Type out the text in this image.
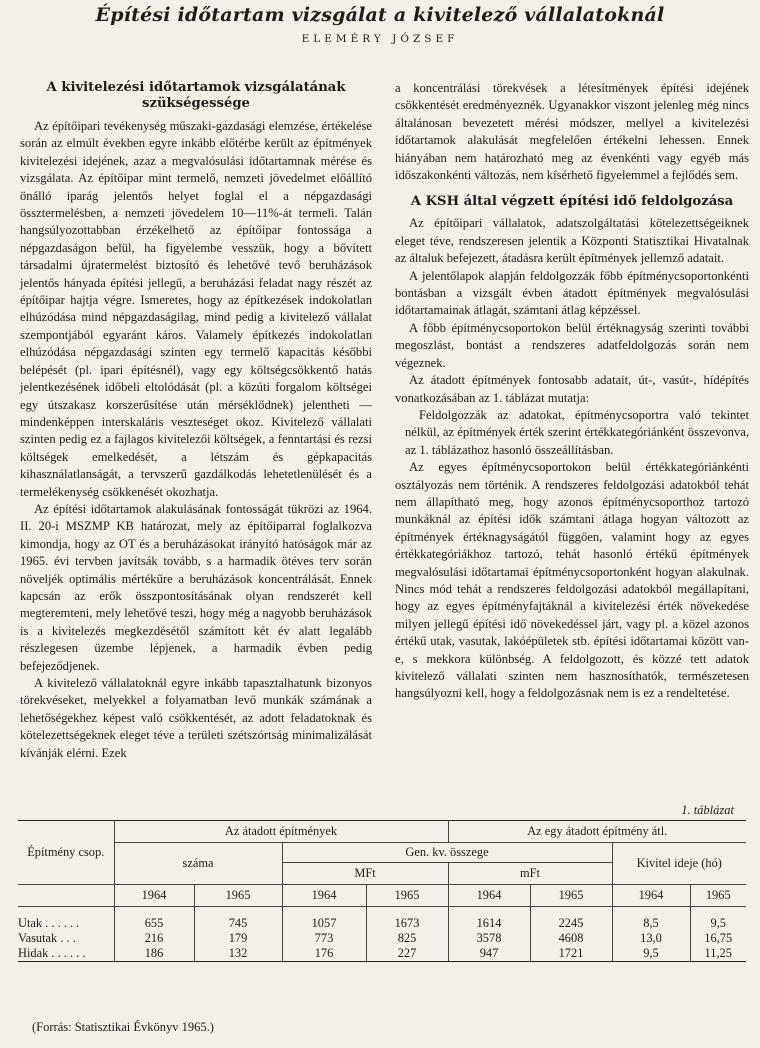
Építési időtartam vizsgálat a kivitelező vállalatoknál
ELEMÉRY JÓZSEF
A kivitelezési időtartamok vizsgálatának szükségessége

Az építőipari tevékenység műszaki-gazdasági elemzése, értékelése során az elmúlt években egyre inkább előtérbe került az építmények kivitelezési idejének, azaz a megvalósulási időtartamnak mérése és vizsgálata. Az építőipar mint termelő, nemzeti jövedelmet előállító önálló iparág jelentős helyet foglal el a népgazdasági össztermelésben, a nemzeti jövedelem 10—11%-át termeli. Talán hangsúlyozottabban érzékelhető az építőipar fontossága a népgazdaságon belül, ha figyelembe vesszük, hogy a bővített társadalmi újratermelést biztosító és lehetővé tevő beruházások jelentős hányada építési jellegű, a beruházási feladat nagy részét az építőipar hajtja végre. Ismeretes, hogy az építkezések indokolatlan elhúzódása mind népgazdaságilag, mind pedig a kivitelező vállalat szempontjából egyaránt káros. Valamely építkezés indokolatlan elhúzódása népgazdasági szinten egy termelő kapacitás későbbi belépését (pl. ipari építésnél), vagy egy költségcsökkentő hatás jelentkezésének időbeli eltolódását (pl. a közúti forgalom költségei egy útszakasz korszerűsítése után mérséklődnek) jelentheti — mindenképpen interskaláris veszteséget okoz. Kivitelező vállalati szinten pedig ez a fajlagos kivitelezői költségek, a fenntartási és rezsi költségek emelkedését, a létszám és gépkapacitás kihasználatlanságát, a tervszerű gazdálkodás lehetetlenülését és a termelékenység csökkenését okozhatja.

Az építési időtartamok alakulásának fontosságát tükrözi az 1964. II. 20-i MSZMP KB határozat, mely az építőiparral foglalkozva kimondja, hogy az OT és a beruházásokat irányító hatóságok már az 1965. évi tervben javítsák tovább, s a harmadik ötéves terv során növeljék optimális mértékűre a beruházások koncentrálását. Ennek kapcsán az erők összpontosításának olyan rendszerét kell megteremteni, mely lehetővé teszi, hogy még a nagyobb beruházások is a kivitelezés megkezdésétől számított két év alatt legalább részlegesen üzembe lépjenek, a harmadik évben pedig befejeződjenek.

A kivitelező vállalatoknál egyre inkább tapasztalhatunk bizonyos törekvéseket, melyekkel a folyamatban levő munkák számának a lehetőségekhez képest való csökkentését, az adott feladatoknak és kötelezettségeknek eleget téve a területi szétszórtság minimalizálását kívánják elérni. Ezek

a koncentrálási törekvések a létesítmények építési idejének csökkentését eredményeznék. Ugyanakkor viszont jelenleg még nincs általánosan bevezetett mérési módszer, mellyel a kivitelezési időtartamok alakulását megfelelően értékelni lehessen. Ennek hiányában nem határozható meg az évenkénti vagy egyéb más időszakonkénti változás, nem kísérhető figyelemmel a fejlődés sem.

A KSH által végzett építési idő feldolgozása

Az építőipari vállalatok, adatszolgáltatási kötelezettségeiknek eleget téve, rendszeresen jelentik a Központi Statisztikai Hivatalnak az általuk befejezett, átadásra került építmények jellemző adatait.

A jelentőlapok alapján feldolgozzák főbb építménycsoportonkénti bontásban a vizsgált évben átadott építmények megvalósulási időtartamainak átlagát, számtani átlag képzéssel.

A főbb építménycsoportokon belül értéknagyság szerinti további megoszlást, bontást a rendszeres adatfeldolgozás során nem végeznek.

Az átadott építmények fontosabb adatait, út-, vasút-, hídépítés vonatkozásában az 1. táblázat mutatja:

Feldolgozzák az adatokat, építménycsoportra való tekintet nélkül, az építmények érték szerint értékkategóriánként összevonva, az 1. táblázathoz hasonló összeállításban.

Az egyes építménycsoportokon belül értékkategóriánkénti osztályozás nem történik. A rendszeres feldolgozási adatokból tehát nem állapítható meg, hogy azonos építménycsoporthoz tartozó munkáknál az építési idők számtani átlaga hogyan változott az építmények értéknagyságától függően, valamint hogy az egyes értékkategóriákhoz tartozó, tehát hasonló értékű építmények megvalósulási időtartamai építménycsoportonként hogyan alakulnak. Nincs mód tehát a rendszeres feldolgozási adatokból megállapítani, hogy az egyes építményfajtáknál a kivitelezési érték növekedése milyen jellegű építési idő növekedéssel járt, vagy pl. a közel azonos értékű utak, vasutak, lakóépületek stb. építési időtartamai között van-e, s mekkora különbség. A feldolgozott, és közzé tett adatok kivitelező vállalati szinten nem hasznosíthatók, természetesen hangsúlyozni kell, hogy a feldolgozásnak nem is ez a rendeltetése.

1. táblázat
Építmény csop.	Az átadott építmények				Az egy átadott építmény átl.			
	száma		Gen. kv. összege				Kivitel ideje (hó)	
			MFt		mFt			
	1964	1965	1964	1965	1964	1965	1964	1965

Utak . . . . . .	655	745	1057	1673	1614	2245	8,5	9,5
Vasutak . . .	216	179	773	825	3578	4608	13,0	16,75
Hidak . . . . . .	186	132	176	227	947	1721	9,5	11,25
(Forrás: Statisztikai Évkönyv 1965.)
